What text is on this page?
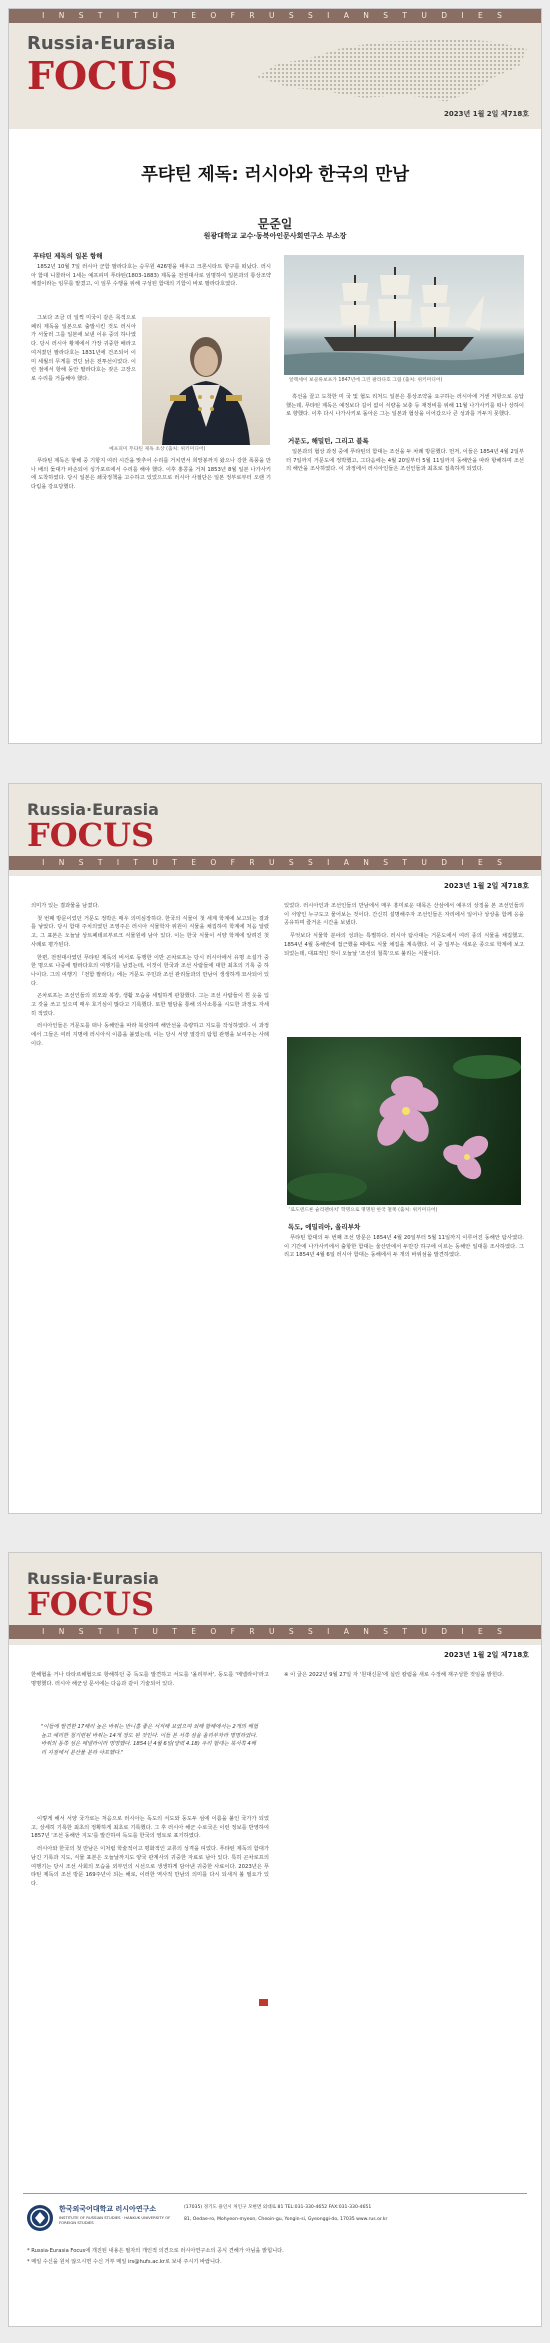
I N S T I T U T E O F R U S S I A N S T U D I E S
Russia·Eurasia
FOCUS
2023년 1월 2일 제718호
푸탸틴 제독: 러시아와 한국의 만남
문준일
원광대학교 교수·동북아인문사회연구소 부소장
푸탸틴 제독의 일본 항해

1852년 10월 7일 러시아 군함 팔라다호는 승무원 426명을 태우고 크론시타트 항구를 떠났다. 러시아 함대 니콜라이 1세는 예프피미 푸탸틴(1803-1883) 제독을 전권대사로 임명하여 일본과의 통상조약 체결이라는 임무를 맡겼고, 이 임무 수행을 위해 구성된 함대의 기함이 바로 팔라다호였다.

그보다 조금 더 일찍 미국이 같은 목적으로 페리 제독을 일본으로 출발시킨 것도 러시아가 서둘러 그를 일본에 보낸 이유 중의 하나였다. 당시 러시아 황제에서 가장 귀중한 배라고 여겨졌던 팔라다호는 1831년에 건조되어 이미 세월의 무게를 견딘 낡은 전투선이었다. 이런 점에서 항해 동안 팔라다호는 잦은 고장으로 수리를 거듭해야 했다.

예프피미 푸탸틴 제독 초상 (출처: 위키미디어)

푸탸틴 제독은 항해 중 기항지 여러 시간을 맞추어 수리를 거치면서 희망봉까지 왔으나 강한 폭풍을 만나 배의 돛대가 파손되어 싱가포르에서 수리를 해야 했다. 이후 홍콩을 거쳐 1853년 8월 일본 나가사키에 도착하였다. 당시 일본은 쇄국정책을 고수하고 있었으므로 러시아 사절단은 일본 정부로부터 오랜 기다림을 강요당했다.

알렉세이 보골류보프가 1847년에 그린 팔라다호 그림 (출처: 위키미디어)

흑선을 끌고 도착한 미 국 및 협도 리처드 일본은 통상조약을 요구하는 러시아에 거센 저항으로 응답했는데, 푸탸틴 제독은 예정보다 길어 없이 식량을 보충 등 재정비를 위해 11월 나가사키를 떠나 상하이로 향했다. 이후 다시 나가사키로 돌아온 그는 일본과 협상을 이어갔으나 큰 성과를 거두지 못했다.

거문도, 해밀턴, 그리고 블록

일본과의 협상 과정 중에 푸탸틴의 함대는 조선을 두 차례 방문했다. 먼저, 이들은 1854년 4월 2일부터 7일까지 거문도에 정박했고, 그다음에는 4월 20일부터 5월 11일까지 동해안을 따라 항해하며 조선의 해안을 조사하였다. 이 과정에서 러시아인들은 조선인들과 최초로 접촉하게 되었다.

Russia·Eurasia
FOCUS
I N S T I T U T E O F R U S S I A N S T U D I E S
2023년 1월 2일 제718호

의미가 있는 결과물을 남겼다.

첫 번째 방문이었던 거문도 정박은 매우 의미심장하다. 한국의 식물이 첫 세계 학계에 보고되는 결과를 낳았다. 당시 함대 주치의였던 조영주은 러시아 식물학자 위원이 식물을 채집하여 학계에 처음 알렸고, 그 표본은 오늘날 상트페테르부르크 식물원에 남아 있다. 이는 한국 식물이 서양 학계에 알려진 첫 사례로 평가된다.

한편, 전권대사였던 푸탸틴 제독의 비서로 동행한 이반 곤차로프는 당시 러시아에서 유명 소설가 중 한 명으로 나중에 팔라다호의 여행기를 남겼는데, 이것이 한국과 조선 사람들에 대한 최초의 기록 중 하나이다. 그의 여행기 『전함 팔라다』에는 거문도 주민과 조선 관리들과의 만남이 생생하게 묘사되어 있다.

곤차로프는 조선인들의 외모와 복장, 생활 모습을 세밀하게 관찰했다. 그는 조선 사람들이 흰 옷을 입고 갓을 쓰고 있으며 매우 호기심이 많다고 기록했다. 또한 필담을 통해 의사소통을 시도한 과정도 자세히 적었다.

러시아인들은 거문도를 떠나 동해안을 따라 북상하며 해안선을 측량하고 지도를 작성하였다. 이 과정에서 그들은 여러 지명에 러시아식 이름을 붙였는데, 이는 당시 서양 열강의 탐험 관행을 보여주는 사례이다.

있었다. 러시아인과 조선인들의 만남에서 매우 흥미로운 대목은 산삼에서 예우의 상징을 본 조선인들의 이 서양인 누구도고 물어보는 것이다. 간신히 설명해주자 조선인들은 자리에서 일어나 상상을 함께 응을 공유하며 즐거운 시간을 보냈다.

무엇보다 식물학 분야의 성과는 특별하다. 러시아 탐사대는 거문도에서 여러 종의 식물을 채집했고, 1854년 4월 동해안에 접근했을 때에도 식물 채집을 계속했다. 이 중 일부는 새로운 종으로 학계에 보고되었는데, 대표적인 것이 오늘날 '조선의 철쭉'으로 불리는 식물이다.

'로도덴드론 슐리펜바치' 학명으로 명명된 한국 철쭉 (출처: 위키미디어)
독도, 에밀리아, 올리부차

푸탸틴 함대의 두 번째 조선 방문은 1854년 4월 20일부터 5월 11일까지 이루어진 동해안 탐사였다. 이 기간에 나가사키에서 출항한 함대는 울산만에서 두만강 하구에 이르는 동해안 일대를 조사하였다. 그리고 1854년 4월 6일 러시아 함대는 동해에서 두 개의 바위섬을 발견하였다.

Russia·Eurasia
FOCUS
I N S T I T U T E O F R U S S I A N S T U D I E S
2023년 1월 2일 제718호

한해협을 거나 타타르해협으로 항해하던 중 독도를 발견하고 서도를 '올리부차', 동도를 '메넬라이'라고 명명했다. 러시아 해군성 문서에는 다음과 같이 기술되어 있다.

"이들에 발견한 17해리 높은 바위는 반니홈 좋은 서저해 보였으며 외해 함해에서는 2개의 해협 높고 예리한 첨기련된 바위는 14개 정도 된 것인다. 이들 본 서쪽 섬을 올리부차라 명명하였다. 바위의 동쪽 섬은 메넬라이라 명명했다. 1854년 4월 6일(양력 4.18) 우리 함대는 북서쪽 4해리 지점에서 분산물 분하 야포했다."

이렇게 해서 서양 국가로는 처음으로 러시아는 독도의 서도와 동도두 섬에 이름을 붙인 국가가 되었고, 상세히 기록한 최초의 정확하게 최초로 기록했다. 그 후 러시아 해군 수로국은 이런 정보를 반영하여 1857년 '조선 동해안 지도'를 발간하여 독도를 한국의 영토로 표기하였다.

러시아와 한국의 첫 만남은 이처럼 학술적이고 평화적인 교류의 성격을 띠었다. 푸탸틴 제독의 함대가 남긴 기록과 지도, 식물 표본은 오늘날까지도 양국 관계사의 귀중한 자료로 남아 있다. 특히 곤차로프의 여행기는 당시 조선 사회의 모습을 외부인의 시선으로 생생하게 담아낸 귀중한 사료이다. 2023년은 푸탸틴 제독의 조선 방문 169주년이 되는 해로, 이러한 역사적 만남의 의미를 다시 되새겨 볼 필요가 있다.

※ 이 글은 2022년 9월 27일 자 '원대신문'에 실린 칼럼을 새로 수정해 재구성한 것임을 밝힌다.

한국외국어대학교 러시아연구소
INSTITUTE OF RUSSIAN STUDIES · HANKUK UNIVERSITY OF FOREIGN STUDIES
(17035) 경기도 용인시 처인구 모현면 외대로 81 TEL:031-330-4652 FAX:031-330-4651
81, Oedae-ro, Mohyeon-myeon, Cheoin-gu, Yongin-si, Gyeonggi-do, 17035 www.rus.or.kr
* Russia·Eurasia Focus에 개진된 내용은 필자의 개인적 의견으로 러시아연구소의 공식 견해가 아님을 밝힙니다.
* 메일 수신을 원치 않으시면 수신 거부 메일 irs@hufs.ac.kr로 보내 주시기 바랍니다.
